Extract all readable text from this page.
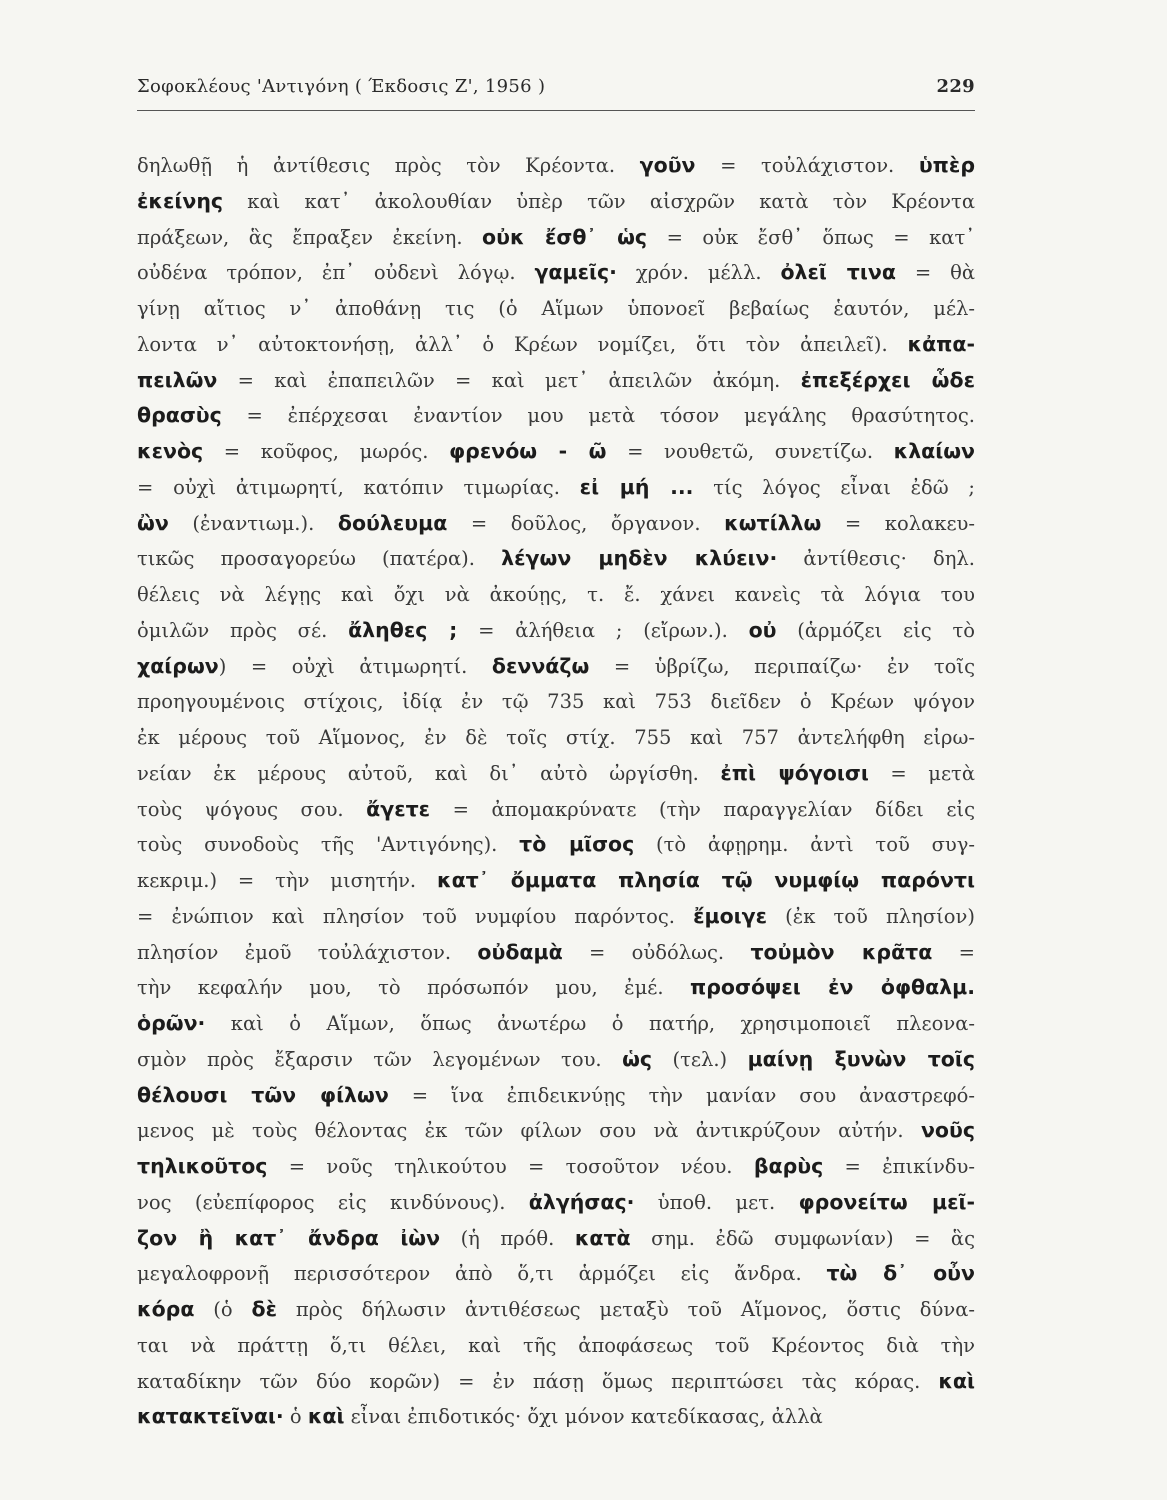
Σοφοκλέους 'Αντιγόνη ( Έκδοσις Ζ', 1956 )	229
δηλωθῇ ἡ ἀντίθεσις πρὸς τὸν Κρέοντα. γοῦν = τοὐλάχιστον. ὑπὲρ
ἐκείνης καὶ κατ᾽ ἀκολουθίαν ὑπὲρ τῶν αἰσχρῶν κατὰ τὸν Κρέοντα
πράξεων, ἃς ἔπραξεν ἐκείνη. οὐκ ἔσθ᾽ ὡς = οὐκ ἔσθ᾽ ὅπως = κατ᾽
οὐδένα τρόπον, ἐπ᾽ οὐδενὶ λόγῳ. γαμεῖς· χρόν. μέλλ. ὀλεῖ τινα = θὰ
γίνῃ αἴτιος ν᾽ ἀποθάνῃ τις (ὁ Αἵμων ὑπονοεῖ βεβαίως ἑαυτόν, μέλ-
λοντα ν᾽ αὐτοκτονήσῃ, ἀλλ᾽ ὁ Κρέων νομίζει, ὅτι τὸν ἀπειλεῖ). κἀπα-
πειλῶν = καὶ ἐπαπειλῶν = καὶ μετ᾽ ἀπειλῶν ἀκόμη. ἐπεξέρχει ὧδε
θρασὺς = ἐπέρχεσαι ἐναντίον μου μετὰ τόσον μεγάλης θρασύτητος.
κενὸς = κοῦφος, μωρός. φρενόω - ῶ = νουθετῶ, συνετίζω. κλαίων
= οὐχὶ ἀτιμωρητί, κατόπιν τιμωρίας. εἰ μή ... τίς λόγος εἶναι ἐδῶ ;
ὢν (ἐναντιωμ.). δούλευμα = δοῦλος, ὄργανον. κωτίλλω = κολακευ-
τικῶς προσαγορεύω (πατέρα). λέγων μηδὲν κλύειν· ἀντίθεσις· δηλ.
θέλεις νὰ λέγῃς καὶ ὄχι νὰ ἀκούῃς, τ. ἔ. χάνει κανεὶς τὰ λόγια του
ὁμιλῶν πρὸς σέ. ἄληθες ; = ἀλήθεια ; (εἴρων.). οὐ (ἁρμόζει εἰς τὸ
χαίρων) = οὐχὶ ἀτιμωρητί. δεννάζω = ὑβρίζω, περιπαίζω· ἐν τοῖς
προηγουμένοις στίχοις, ἰδίᾳ ἐν τῷ 735 καὶ 753 διεῖδεν ὁ Κρέων ψόγον
ἐκ μέρους τοῦ Αἵμονος, ἐν δὲ τοῖς στίχ. 755 καὶ 757 ἀντελήφθη εἰρω-
νείαν ἐκ μέρους αὐτοῦ, καὶ δι᾽ αὐτὸ ὠργίσθη. ἐπὶ ψόγοισι = μετὰ
τοὺς ψόγους σου. ἄγετε = ἀπομακρύνατε (τὴν παραγγελίαν δίδει εἰς
τοὺς συνοδοὺς τῆς 'Αντιγόνης). τὸ μῖσος (τὸ ἀφῃρημ. ἀντὶ τοῦ συγ-
κεκριμ.) = τὴν μισητήν. κατ᾽ ὄμματα πλησία τῷ νυμφίῳ παρόντι
= ἐνώπιον καὶ πλησίον τοῦ νυμφίου παρόντος. ἔμοιγε (ἐκ τοῦ πλησίον)
πλησίον ἐμοῦ τοὐλάχιστον. οὐδαμὰ = οὐδόλως. τοὐμὸν κρᾶτα =
τὴν κεφαλήν μου, τὸ πρόσωπόν μου, ἐμέ. προσόψει ἐν ὀφθαλμ.
ὁρῶν· καὶ ὁ Αἵμων, ὅπως ἀνωτέρω ὁ πατήρ, χρησιμοποιεῖ πλεονα-
σμὸν πρὸς ἔξαρσιν τῶν λεγομένων του. ὡς (τελ.) μαίνῃ ξυνὼν τοῖς
θέλουσι τῶν φίλων = ἵνα ἐπιδεικνύῃς τὴν μανίαν σου ἀναστρεφό-
μενος μὲ τοὺς θέλοντας ἐκ τῶν φίλων σου νὰ ἀντικρύζουν αὐτήν. νοῦς
τηλικοῦτος = νοῦς τηλικούτου = τοσοῦτον νέου. βαρὺς = ἐπικίνδυ-
νος (εὐεπίφορος εἰς κινδύνους). ἀλγήσας· ὑποθ. μετ. φρονείτω μεῖ-
ζον ἢ κατ᾽ ἄνδρα ἰὼν (ἡ πρόθ. κατὰ σημ. ἐδῶ συμφωνίαν) = ἃς
μεγαλοφρονῇ περισσότερον ἀπὸ ὅ,τι ἁρμόζει εἰς ἄνδρα. τὼ δ᾽ οὖν
κόρα (ὁ δὲ πρὸς δήλωσιν ἀντιθέσεως μεταξὺ τοῦ Αἵμονος, ὅστις δύνα-
ται νὰ πράττῃ ὅ,τι θέλει, καὶ τῆς ἀποφάσεως τοῦ Κρέοντος διὰ τὴν
καταδίκην τῶν δύο κορῶν) = ἐν πάσῃ ὅμως περιπτώσει τὰς κόρας. καὶ
κατακτεῖναι· ὁ καὶ εἶναι ἐπιδοτικός· ὄχι μόνον κατεδίκασας, ἀλλὰ
